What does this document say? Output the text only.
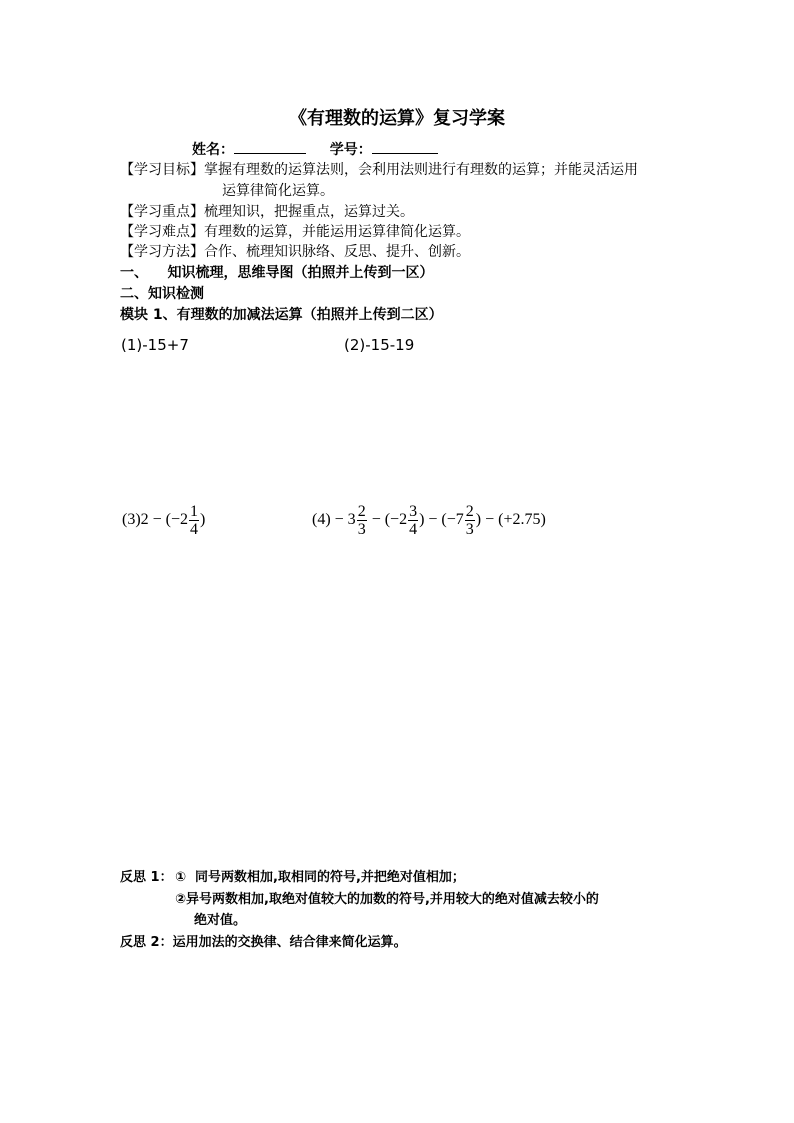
《有理数的运算》复习学案
姓名：	学号：
【学习目标】掌握有理数的运算法则，会利用法则进行有理数的运算；并能灵活运用
运算律简化运算。
【学习重点】梳理知识，把握重点，运算过关。
【学习难点】有理数的运算，并能运用运算律简化运算。
【学习方法】合作、梳理知识脉络、反思、提升、创新。
一、    知识梳理，思维导图（拍照并上传到一区）
二、知识检测
模块 1、有理数的加减法运算（拍照并上传到二区）
(1)-15+7	(2)-15-19
$(3)2 - (-2 \frac{1}{4}$ )	$(4) - 3 \frac{2}{3} - (-2 \frac{3}{4}$ ) − ($-7 \frac{2}{3}$ ) − (+2.75)
反思 1： ①  同号两数相加,取相同的符号,并把绝对值相加；
②异号两数相加,取绝对值较大的加数的符号,并用较大的绝对值减去较小的
绝对值。
反思 2：运用加法的交换律、结合律来简化运算。
